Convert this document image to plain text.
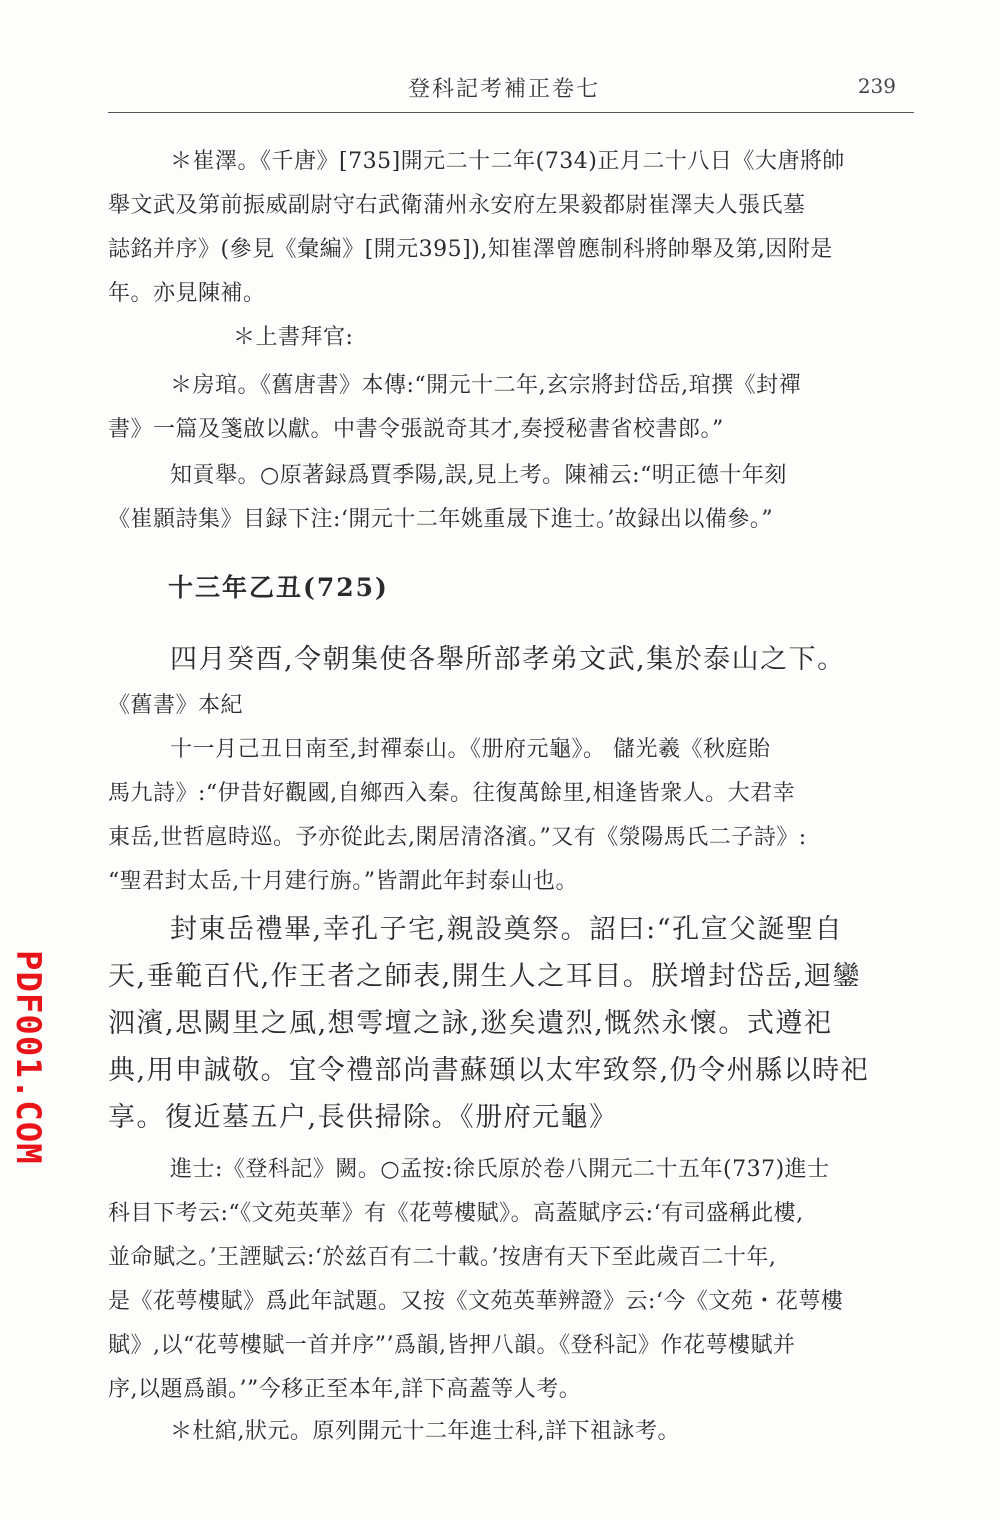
登科記考補正卷七	239
＊崔澤。《千唐》[735]開元二十二年(734)正月二十八日《大唐將帥
舉文武及第前振威副尉守右武衛蒲州永安府左果毅都尉崔澤夫人張氏墓
誌銘并序》(參見《彙編》[開元395]),知崔澤曾應制科將帥舉及第,因附是
年。亦見陳補。
＊上書拜官:
＊房琯。《舊唐書》本傳:“開元十二年,玄宗將封岱岳,琯撰《封禪
書》一篇及箋啟以獻。中書令張説奇其才,奏授秘書省校書郎。”
知貢舉。○原著録爲賈季陽,誤,見上考。陳補云:“明正德十年刻
《崔顥詩集》目録下注:‘開元十二年姚重晟下進士。’故録出以備參。”
十三年乙丑(725)
四月癸酉,令朝集使各舉所部孝弟文武,集於泰山之下。
《舊書》本紀
十一月己丑日南至,封禪泰山。《册府元龜》。 儲光羲《秋庭貽
馬九詩》:“伊昔好觀國,自鄉西入秦。往復萬餘里,相逢皆衆人。大君幸
東岳,世哲扈時巡。予亦從此去,閑居清洛濱。”又有《滎陽馬氏二子詩》:
“聖君封太岳,十月建行旃。”皆謂此年封泰山也。
封東岳禮畢,幸孔子宅,親設奠祭。詔曰:“孔宣父誕聖自
天,垂範百代,作王者之師表,開生人之耳目。朕增封岱岳,迴鑾
泗濱,思闕里之風,想雩壇之詠,逖矣遺烈,慨然永懷。式遵祀
典,用申誠敬。宜令禮部尚書蘇頲以太牢致祭,仍令州縣以時祀
享。復近墓五户,長供掃除。《册府元龜》
進士:《登科記》闕。○孟按:徐氏原於卷八開元二十五年(737)進士
科目下考云:“《文苑英華》有《花萼樓賦》。高蓋賦序云:‘有司盛稱此樓,
並命賦之。’王諲賦云:‘於兹百有二十載。’按唐有天下至此歲百二十年,
是《花萼樓賦》爲此年試題。又按《文苑英華辨證》云:‘今《文苑・花萼樓
賦》,以“花萼樓賦一首并序”’爲韻,皆押八韻。《登科記》作花萼樓賦并
序,以題爲韻。’”今移正至本年,詳下高蓋等人考。
＊杜綰,狀元。原列開元十二年進士科,詳下祖詠考。
PDF001.COM
